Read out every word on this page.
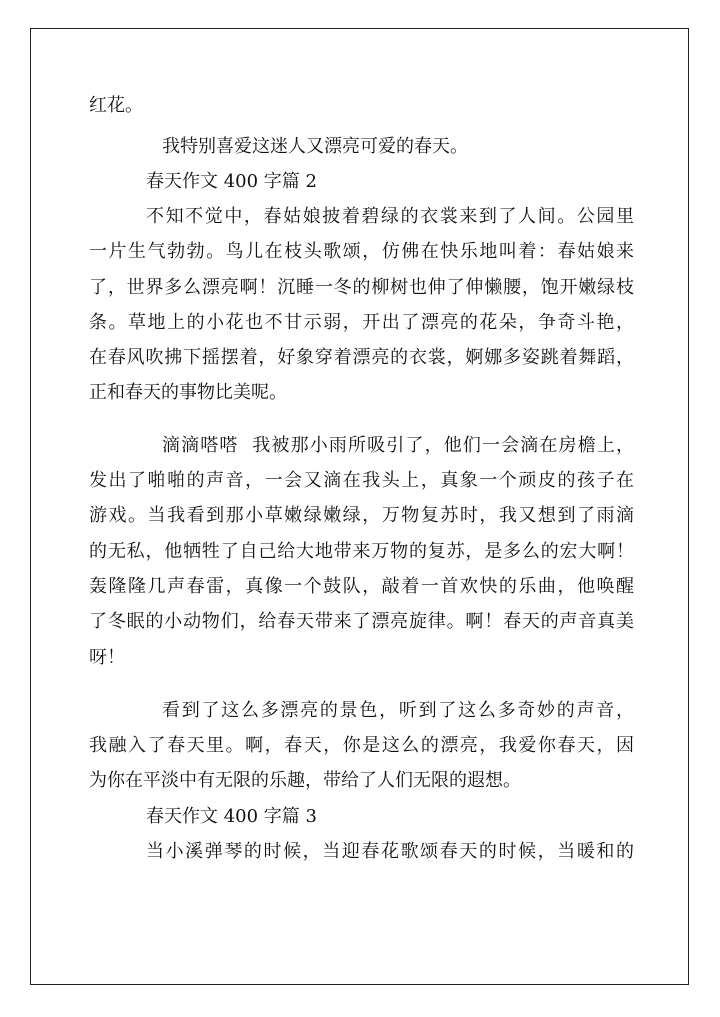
红花。
我特别喜爱这迷人又漂亮可爱的春天。
春天作文 400 字篇 2
不知不觉中，春姑娘披着碧绿的衣裳来到了人间。公园里
一片生气勃勃。鸟儿在枝头歌颂，仿佛在快乐地叫着：春姑娘来
了，世界多么漂亮啊！沉睡一冬的柳树也伸了伸懒腰，饱开嫩绿枝
条。草地上的小花也不甘示弱，开出了漂亮的花朵，争奇斗艳，
在春风吹拂下摇摆着，好象穿着漂亮的衣裳，婀娜多姿跳着舞蹈，
正和春天的事物比美呢。
滴滴嗒嗒  我被那小雨所吸引了，他们一会滴在房檐上，
发出了啪啪的声音，一会又滴在我头上，真象一个顽皮的孩子在
游戏。当我看到那小草嫩绿嫩绿，万物复苏时，我又想到了雨滴
的无私，他牺牲了自己给大地带来万物的复苏，是多么的宏大啊！
轰隆隆几声春雷，真像一个鼓队，敲着一首欢快的乐曲，他唤醒
了冬眠的小动物们，给春天带来了漂亮旋律。啊！春天的声音真美
呀！
看到了这么多漂亮的景色，听到了这么多奇妙的声音，
我融入了春天里。啊，春天，你是这么的漂亮，我爱你春天，因
为你在平淡中有无限的乐趣，带给了人们无限的遐想。
春天作文 400 字篇 3
当小溪弹琴的时候，当迎春花歌颂春天的时候，当暖和的
